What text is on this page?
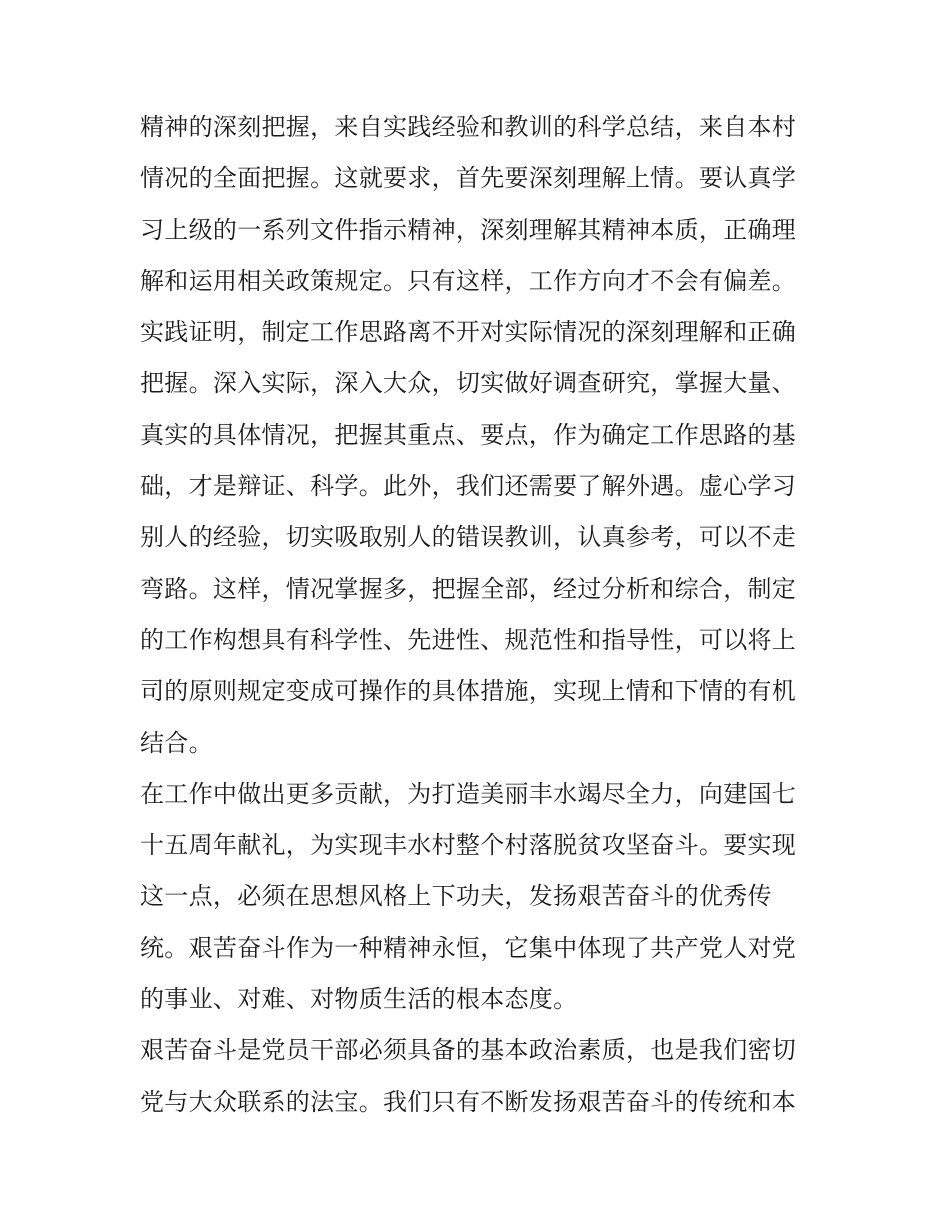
精神的深刻把握，来自实践经验和教训的科学总结，来自本村
情况的全面把握。这就要求，首先要深刻理解上情。要认真学
习上级的一系列文件指示精神，深刻理解其精神本质，正确理
解和运用相关政策规定。只有这样，工作方向才不会有偏差。
实践证明，制定工作思路离不开对实际情况的深刻理解和正确
把握。深入实际，深入大众，切实做好调查研究，掌握大量、
真实的具体情况，把握其重点、要点，作为确定工作思路的基
础，才是辩证、科学。此外，我们还需要了解外遇。虚心学习
别人的经验，切实吸取别人的错误教训，认真参考，可以不走
弯路。这样，情况掌握多，把握全部，经过分析和综合，制定
的工作构想具有科学性、先进性、规范性和指导性，可以将上
司的原则规定变成可操作的具体措施，实现上情和下情的有机
结合。
在工作中做出更多贡献，为打造美丽丰水竭尽全力，向建国七
十五周年献礼，为实现丰水村整个村落脱贫攻坚奋斗。要实现
这一点，必须在思想风格上下功夫，发扬艰苦奋斗的优秀传
统。艰苦奋斗作为一种精神永恒，它集中体现了共产党人对党
的事业、对难、对物质生活的根本态度。
艰苦奋斗是党员干部必须具备的基本政治素质，也是我们密切
党与大众联系的法宝。我们只有不断发扬艰苦奋斗的传统和本
